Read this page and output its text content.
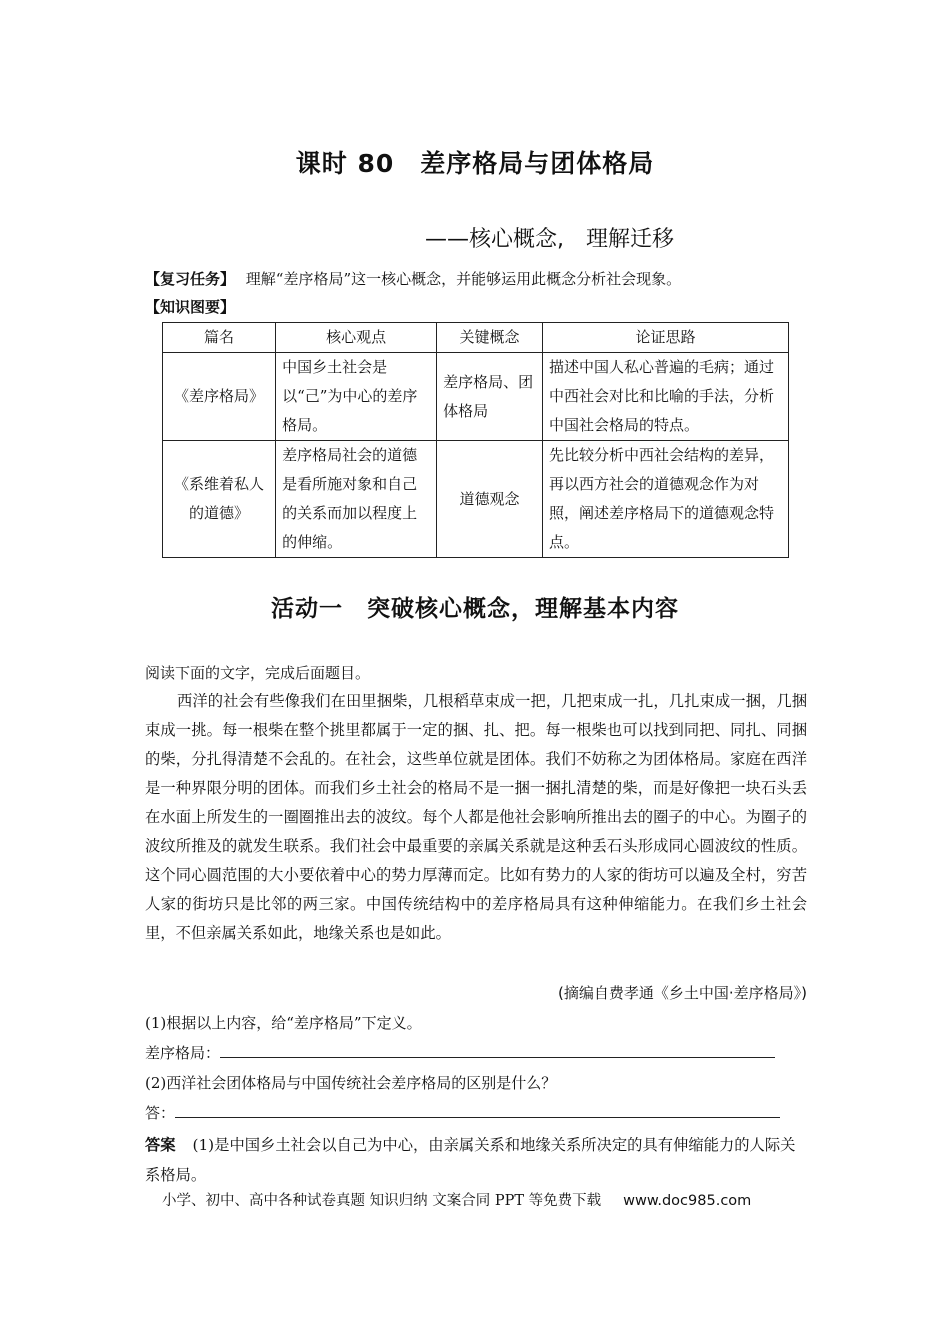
课时 80　差序格局与团体格局
——核心概念,　理解迁移
【复习任务】 理解“差序格局”这一核心概念，并能够运用此概念分析社会现象。
【知识图要】
篇名	核心观点	关键概念	论证思路
《差序格局》	中国乡土社会是以“己”为中心的差序格局。	差序格局、团体格局	描述中国人私心普遍的毛病；通过中西社会对比和比喻的手法，分析中国社会格局的特点。
《系维着私人的道德》	差序格局社会的道德是看所施对象和自己的关系而加以程度上的伸缩。	道德观念	先比较分析中西社会结构的差异，再以西方社会的道德观念作为对照，阐述差序格局下的道德观念特点。
活动一　突破核心概念，理解基本内容
阅读下面的文字，完成后面题目。
西洋的社会有些像我们在田里捆柴，几根稻草束成一把，几把束成一扎，几扎束成一捆，几捆束成一挑。每一根柴在整个挑里都属于一定的捆、扎、把。每一根柴也可以找到同把、同扎、同捆的柴，分扎得清楚不会乱的。在社会，这些单位就是团体。我们不妨称之为团体格局。家庭在西洋是一种界限分明的团体。而我们乡土社会的格局不是一捆一捆扎清楚的柴，而是好像把一块石头丢在水面上所发生的一圈圈推出去的波纹。每个人都是他社会影响所推出去的圈子的中心。为圈子的波纹所推及的就发生联系。我们社会中最重要的亲属关系就是这种丢石头形成同心圆波纹的性质。这个同心圆范围的大小要依着中心的势力厚薄而定。比如有势力的人家的街坊可以遍及全村，穷苦人家的街坊只是比邻的两三家。中国传统结构中的差序格局具有这种伸缩能力。在我们乡土社会里，不但亲属关系如此，地缘关系也是如此。
(摘编自费孝通《乡土中国·差序格局》)
(1)根据以上内容，给“差序格局”下定义。
差序格局：
(2)西洋社会团体格局与中国传统社会差序格局的区别是什么？
答：
答案 (1)是中国乡土社会以自己为中心，由亲属关系和地缘关系所决定的具有伸缩能力的人际关系格局。
小学、初中、高中各种试卷真题 知识归纳 文案合同 PPT 等免费下载 www.doc985.com
